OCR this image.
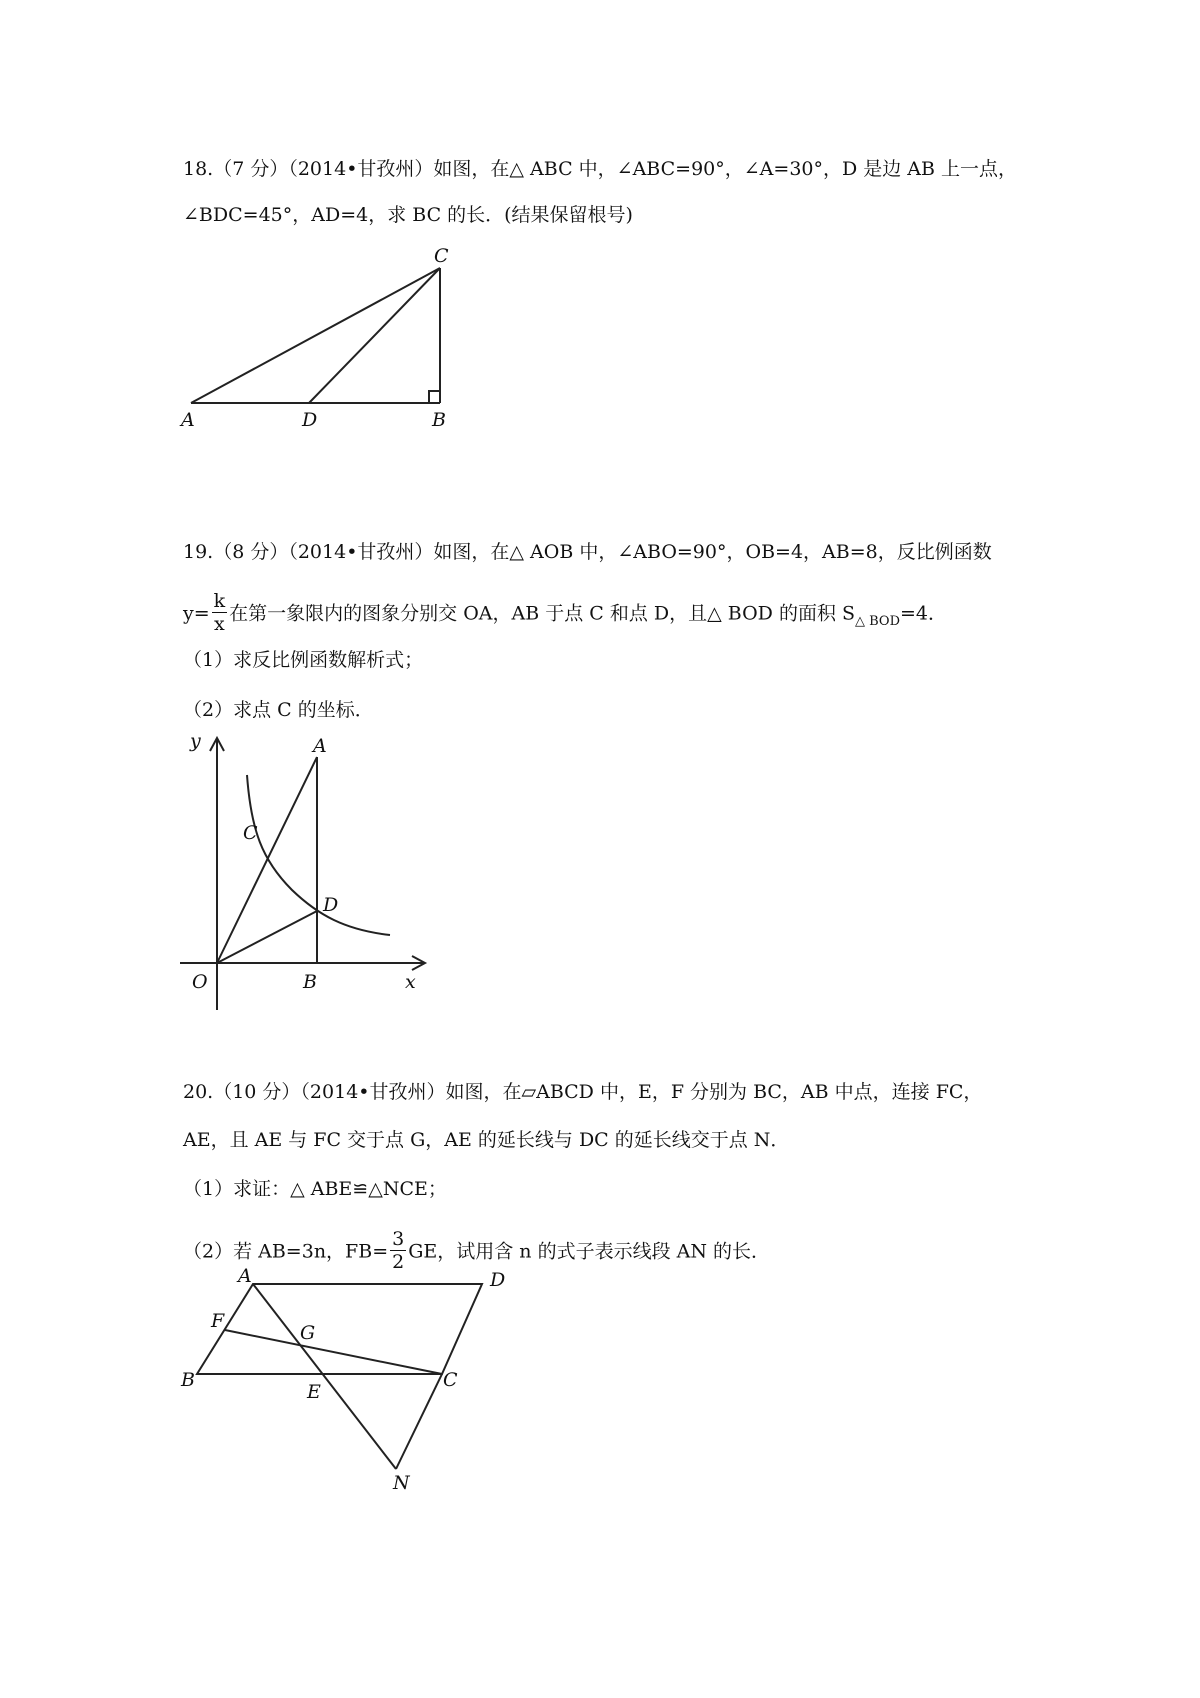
18.（7 分）（2014•甘孜州）如图，在△ ABC 中，∠ABC=90°，∠A=30°，D 是边 AB 上一点，
∠BDC=45°，AD=4，求 BC 的长．(结果保留根号)
C
A	D	B
19.（8 分）（2014•甘孜州）如图，在△ AOB 中，∠ABO=90°，OB=4，AB=8，反比例函数
$y= \frac{k}{x}$ 在第一象限内的图象分别交 OA，AB 于点 C 和点 D，且△ BOD 的面积 $S_{\triangle BOD}=4$．
（1）求反比例函数解析式；
（2）求点 C 的坐标．
y	A
C
D
O	B	x
20.（10 分）（2014•甘孜州）如图，在▱ABCD 中，E，F 分别为 BC，AB 中点，连接 FC，
AE，且 AE 与 FC 交于点 G，AE 的延长线与 DC 的延长线交于点 N．
（1）求证：△ ABE≌△NCE；
（2）若 AB=3n，$FB= \frac{3}{2}$ GE，试用含 n 的式子表示线段 AN 的长．
A	D
F
G
B
E
C
N
